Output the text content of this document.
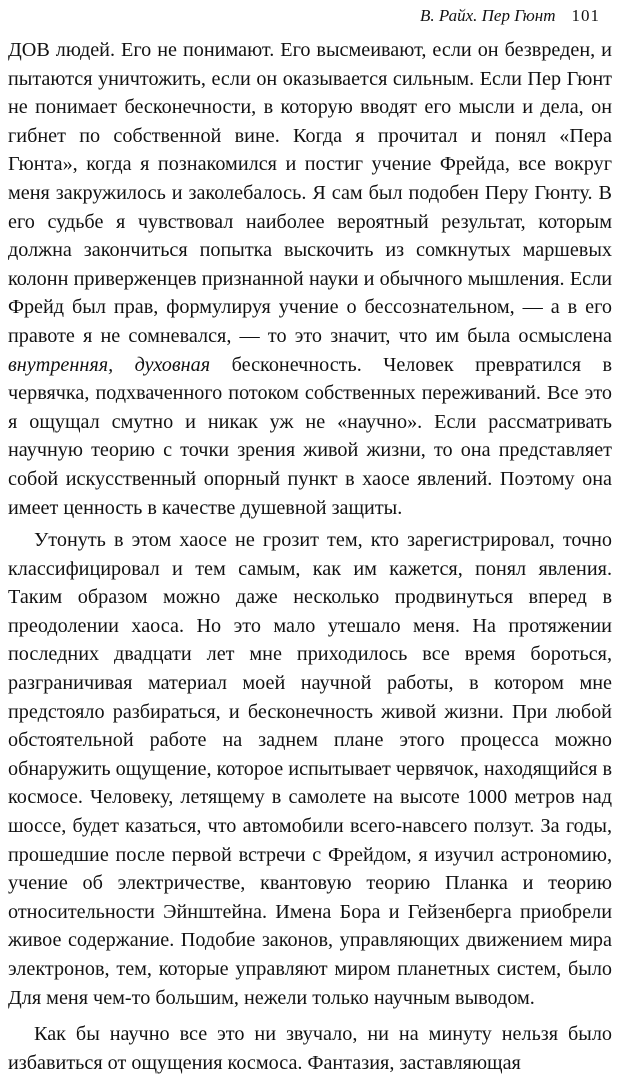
В. Райх. Пер Гюнт 101

ДОВ людей. Его не понимают. Его высмеивают, если он безвреден, и пытаются уничтожить, если он оказывается сильным. Если Пер Гюнт не понимает бесконечности, в которую вводят его мысли и дела, он гибнет по собственной вине. Когда я прочитал и понял «Пера Гюнта», когда я познакомился и постиг учение Фрейда, все вокруг меня закружилось и заколебалось. Я сам был подобен Перу Гюнту. В его судьбе я чувствовал наиболее вероятный результат, которым должна закончиться попытка выскочить из сомкнутых маршевых колонн приверженцев признанной науки и обычного мышления. Если Фрейд был прав, формулируя учение о бессознательном, — а в его правоте я не сомневался, — то это значит, что им была осмыслена внутренняя, духовная бесконечность. Человек превратился в червячка, подхваченного потоком собственных переживаний. Все это я ощущал смутно и никак уж не «научно». Если рассматривать научную теорию с точки зрения живой жизни, то она представляет собой искусственный опорный пункт в хаосе явлений. Поэтому она имеет ценность в качестве душевной защиты.

Утонуть в этом хаосе не грозит тем, кто зарегистрировал, точно классифицировал и тем самым, как им кажется, понял явления. Таким образом можно даже несколько продвинуться вперед в преодолении хаоса. Но это мало утешало меня. На протяжении последних двадцати лет мне приходилось все время бороться, разграничивая материал моей научной работы, в котором мне предстояло разбираться, и бесконечность живой жизни. При любой обстоятельной работе на заднем плане этого процесса можно обнаружить ощущение, которое испытывает червячок, находящийся в космосе. Человеку, летящему в самолете на высоте 1000 метров над шоссе, будет казаться, что автомобили всего-навсего ползут. За годы, прошедшие после первой встречи с Фрейдом, я изучил астрономию, учение об электричестве, квантовую теорию Планка и теорию относительности Эйнштейна. Имена Бора и Гейзенберга приобрели живое содержание. Подобие законов, управляющих движением мира электронов, тем, которые управляют миром планетных систем, было Для меня чем-то большим, нежели только научным выводом.

Как бы научно все это ни звучало, ни на минуту нельзя было избавиться от ощущения космоса. Фантазия, заставляющая
